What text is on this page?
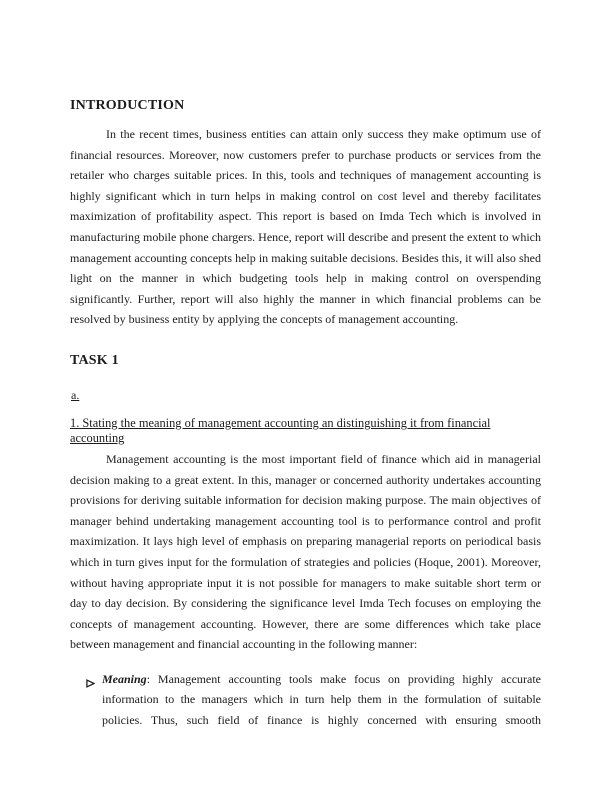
INTRODUCTION

In the recent times, business entities can attain only success they make optimum use of financial resources. Moreover, now customers prefer to purchase products or services from the retailer who charges suitable prices. In this, tools and techniques of management accounting is highly significant which in turn helps in making control on cost level and thereby facilitates maximization of profitability aspect. This report is based on Imda Tech which is involved in manufacturing mobile phone chargers. Hence, report will describe and present the extent to which management accounting concepts help in making suitable decisions. Besides this, it will also shed light on the manner in which budgeting tools help in making control on overspending significantly. Further, report will also highly the manner in which financial problems can be resolved by business entity by applying the concepts of management accounting.

TASK 1

a.

1. Stating the meaning of management accounting an distinguishing it from financial accounting

Management accounting is the most important field of finance which aid in managerial decision making to a great extent. In this, manager or concerned authority undertakes accounting provisions for deriving suitable information for decision making purpose. The main objectives of manager behind undertaking management accounting tool is to performance control and profit maximization. It lays high level of emphasis on preparing managerial reports on periodical basis which in turn gives input for the formulation of strategies and policies (Hoque, 2001). Moreover, without having appropriate input it is not possible for managers to make suitable short term or day to day decision. By considering the significance level Imda Tech focuses on employing the concepts of management accounting. However, there are some differences which take place between management and financial accounting in the following manner:

Meaning: Management accounting tools make focus on providing highly accurate information to the managers which in turn help them in the formulation of suitable policies. Thus, such field of finance is highly concerned with ensuring smooth
